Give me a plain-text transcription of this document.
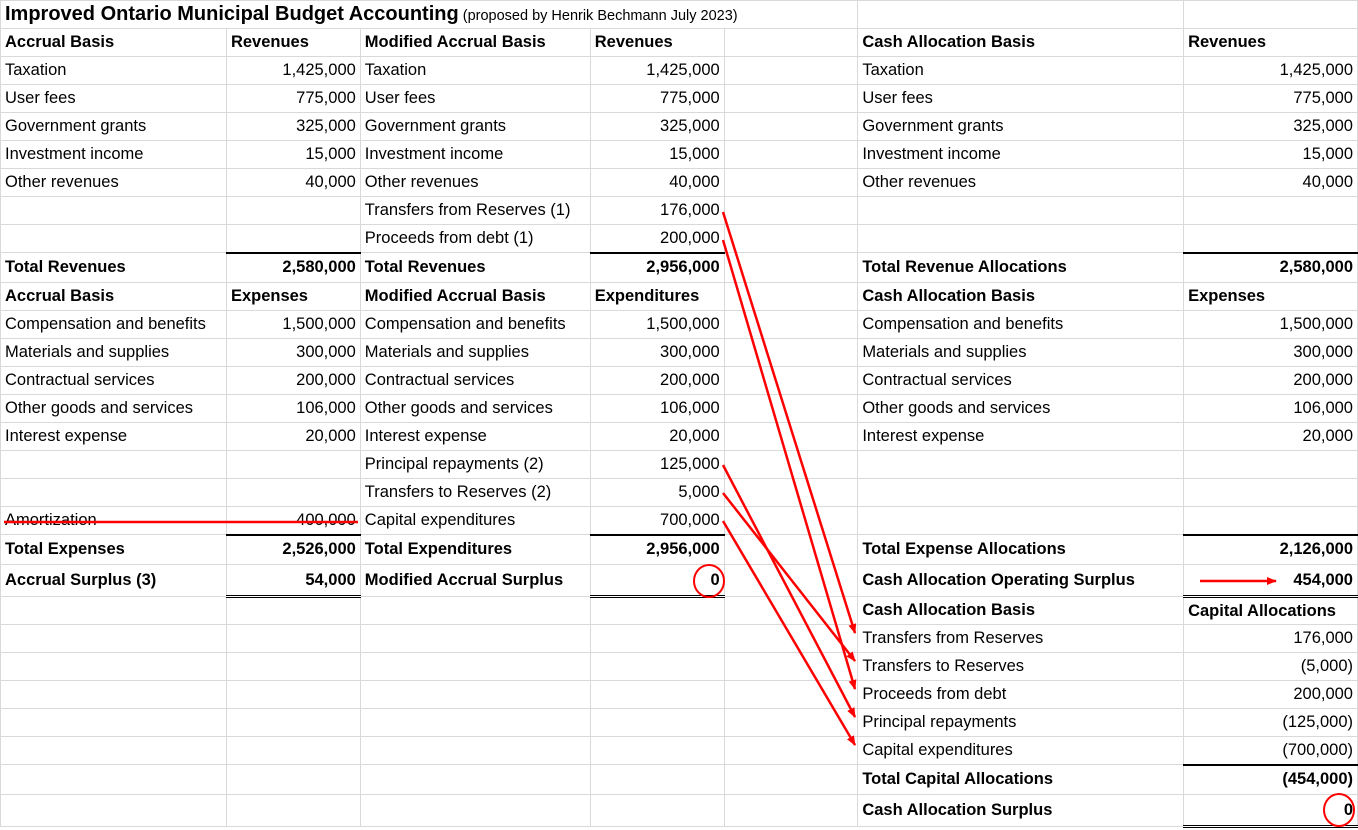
Improved Ontario Municipal Budget Accounting (proposed by Henrik Bechmann July 2023)						
Accrual Basis	Revenues	Modified Accrual Basis	Revenues		Cash Allocation Basis	Revenues
Taxation	1,425,000	Taxation	1,425,000		Taxation	1,425,000
User fees	775,000	User fees	775,000		User fees	775,000
Government grants	325,000	Government grants	325,000		Government grants	325,000
Investment income	15,000	Investment income	15,000		Investment income	15,000
Other revenues	40,000	Other revenues	40,000		Other revenues	40,000
		Transfers from Reserves (1)	176,000			
		Proceeds from debt (1)	200,000			
Total Revenues	2,580,000	Total Revenues	2,956,000		Total Revenue Allocations	2,580,000
Accrual Basis	Expenses	Modified Accrual Basis	Expenditures		Cash Allocation Basis	Expenses
Compensation and benefits	1,500,000	Compensation and benefits	1,500,000		Compensation and benefits	1,500,000
Materials and supplies	300,000	Materials and supplies	300,000		Materials and supplies	300,000
Contractual services	200,000	Contractual services	200,000		Contractual services	200,000
Other goods and services	106,000	Other goods and services	106,000		Other goods and services	106,000
Interest expense	20,000	Interest expense	20,000		Interest expense	20,000
		Principal repayments (2)	125,000			
		Transfers to Reserves (2)	5,000			
Amortization	400,000	Capital expenditures	700,000			
Total Expenses	2,526,000	Total Expenditures	2,956,000		Total Expense Allocations	2,126,000
Accrual Surplus (3)	54,000	Modified Accrual Surplus	0		Cash Allocation Operating Surplus	454,000
					Cash Allocation Basis	Capital Allocations
					Transfers from Reserves	176,000
					Transfers to Reserves	(5,000)
					Proceeds from debt	200,000
					Principal repayments	(125,000)
					Capital expenditures	(700,000)
					Total Capital Allocations	(454,000)
					Cash Allocation Surplus	0
